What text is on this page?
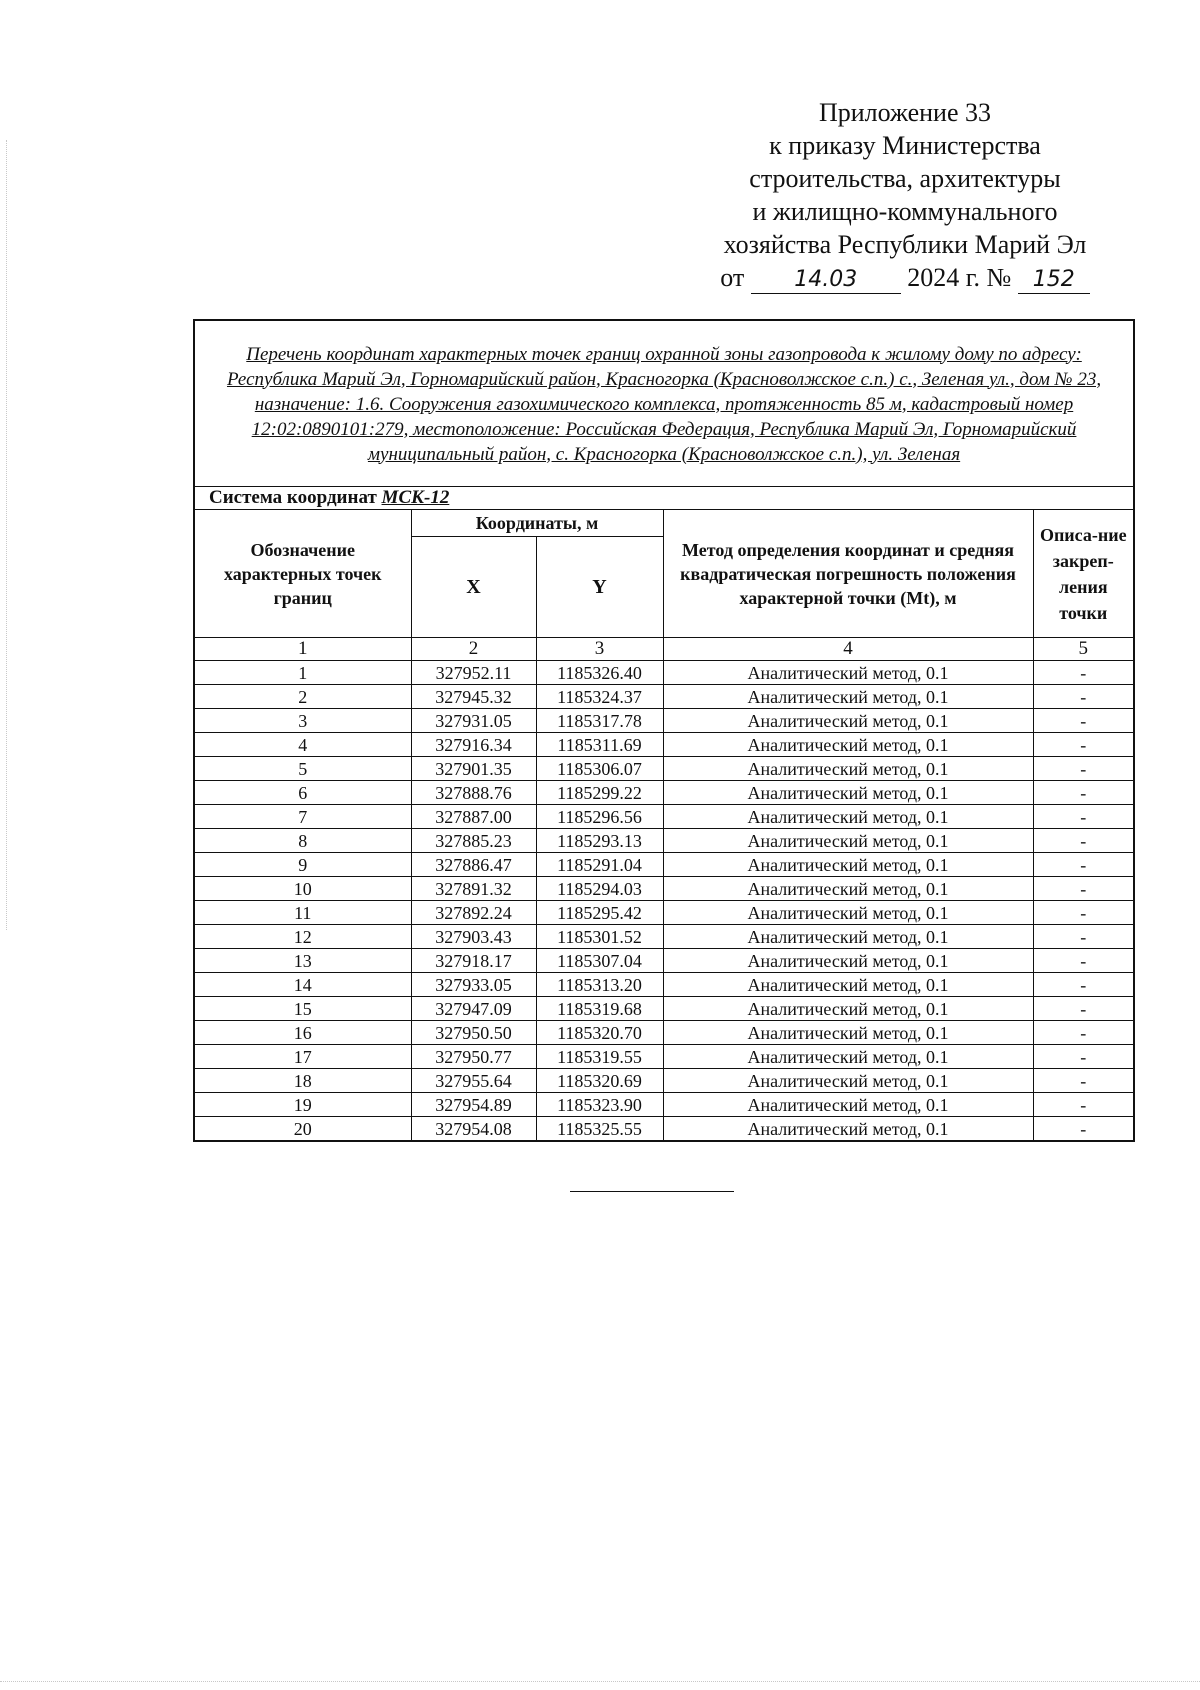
Приложение 33
к приказу Министерства
строительства, архитектуры
и жилищно-коммунального
хозяйства Республики Марий Эл
от 14.03 2024 г. № 152
Перечень координат характерных точек границ охранной зоны газопровода к жилому дому по адресу: Республика Марий Эл, Горномарийский район, Красногорка (Красноволжское с.п.) с., Зеленая ул., дом № 23, назначение: 1.6. Сооружения газохимического комплекса, протяженность 85 м, кадастровый номер 12:02:0890101:279, местоположение: Российская Федерация, Республика Марий Эл, Горномарийский муниципальный район, с. Красногорка (Красноволжское с.п.), ул. Зеленая				
Система координат МСК-12				
Обозначение характерных точек границ	Координаты, м		Метод определения координат и средняя квадратическая погрешность положения характерной точки (Mt), м	Описа-ние закреп-ления точки
	X	Y		
1	2	3	4	5
1	327952.11	1185326.40	Аналитический метод, 0.1	-
2	327945.32	1185324.37	Аналитический метод, 0.1	-
3	327931.05	1185317.78	Аналитический метод, 0.1	-
4	327916.34	1185311.69	Аналитический метод, 0.1	-
5	327901.35	1185306.07	Аналитический метод, 0.1	-
6	327888.76	1185299.22	Аналитический метод, 0.1	-
7	327887.00	1185296.56	Аналитический метод, 0.1	-
8	327885.23	1185293.13	Аналитический метод, 0.1	-
9	327886.47	1185291.04	Аналитический метод, 0.1	-
10	327891.32	1185294.03	Аналитический метод, 0.1	-
11	327892.24	1185295.42	Аналитический метод, 0.1	-
12	327903.43	1185301.52	Аналитический метод, 0.1	-
13	327918.17	1185307.04	Аналитический метод, 0.1	-
14	327933.05	1185313.20	Аналитический метод, 0.1	-
15	327947.09	1185319.68	Аналитический метод, 0.1	-
16	327950.50	1185320.70	Аналитический метод, 0.1	-
17	327950.77	1185319.55	Аналитический метод, 0.1	-
18	327955.64	1185320.69	Аналитический метод, 0.1	-
19	327954.89	1185323.90	Аналитический метод, 0.1	-
20	327954.08	1185325.55	Аналитический метод, 0.1	-
